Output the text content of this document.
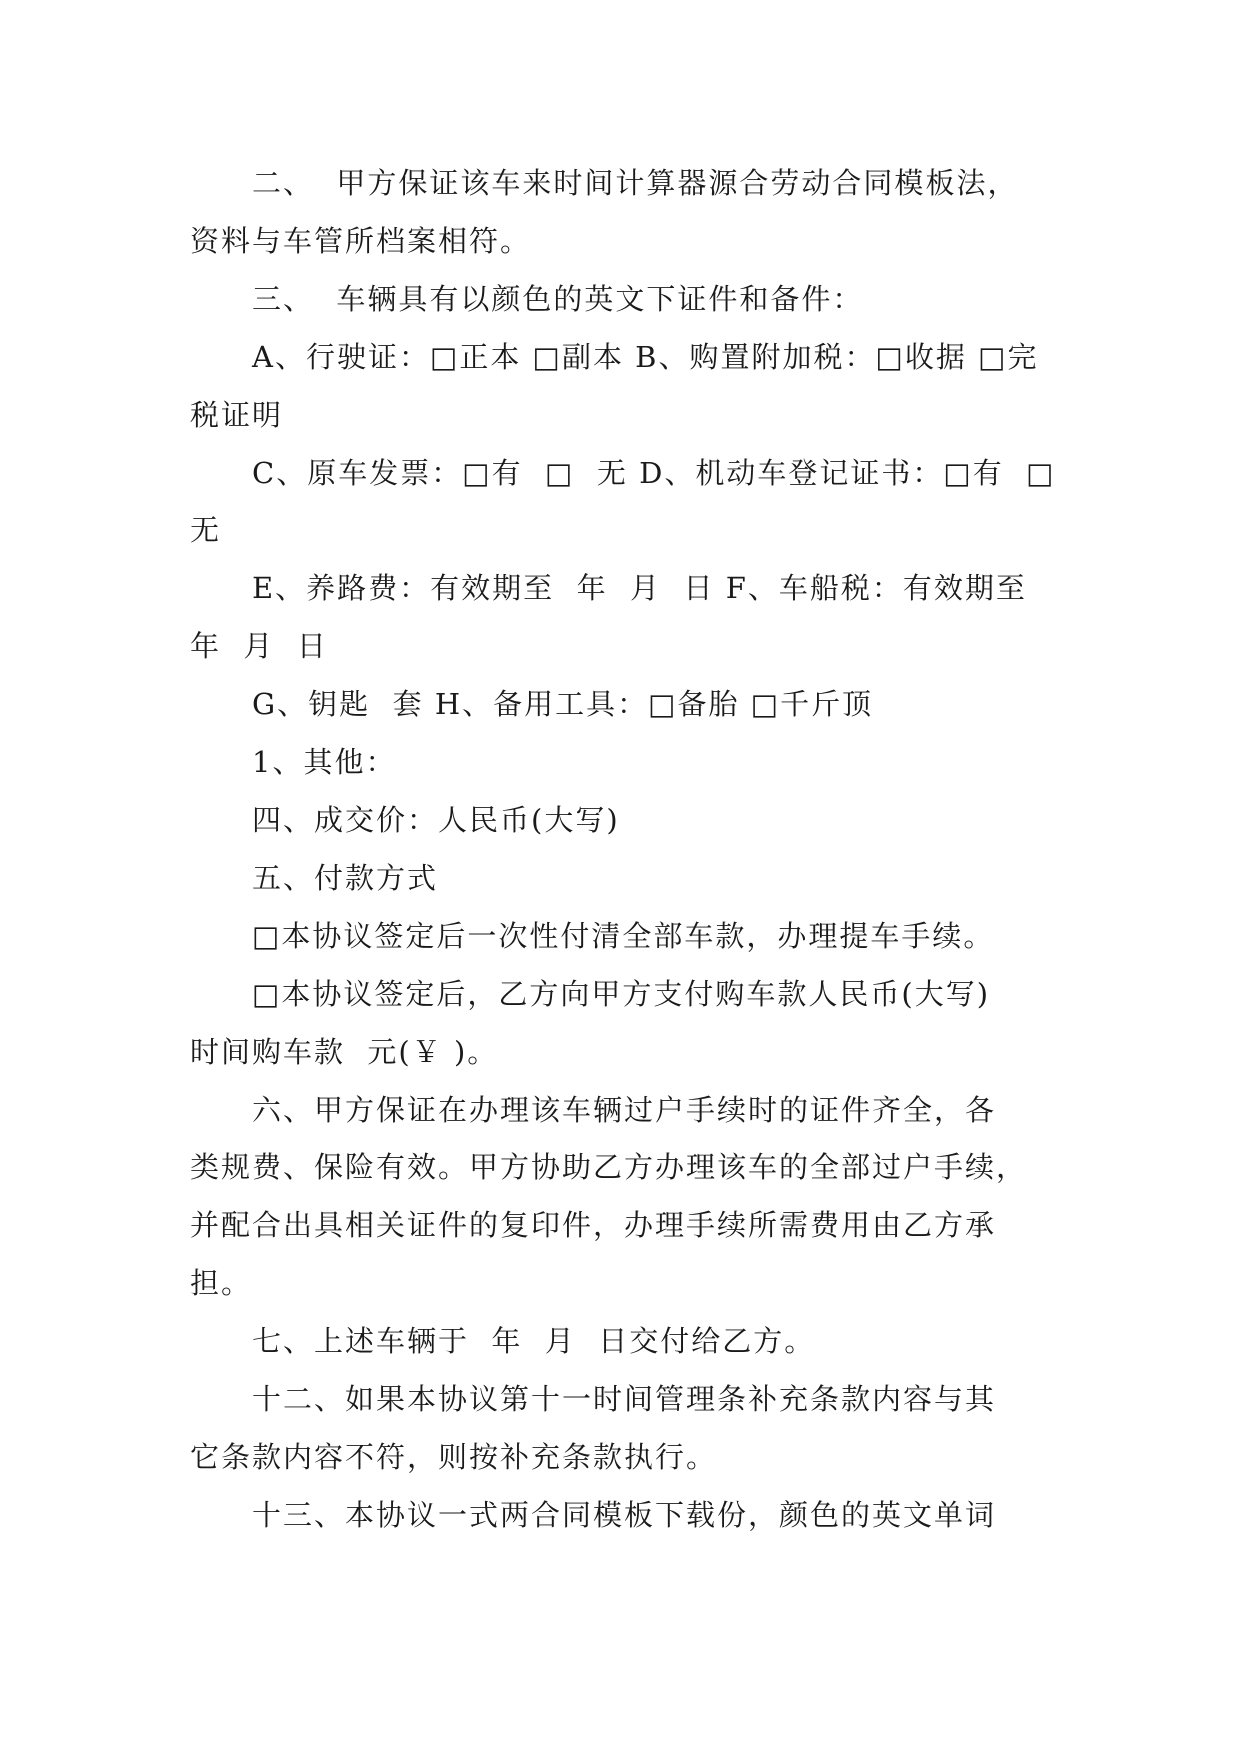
二、  甲方保证该车来时间计算器源合劳动合同模板法，
资料与车管所档案相符。
三、  车辆具有以颜色的英文下证件和备件：
A、行驶证：□正本 □副本 B、购置附加税：□收据 □完
税证明
C、原车发票：□有  □  无 D、机动车登记证书：□有  □
无
E、养路费：有效期至  年  月  日 F、车船税：有效期至
年  月  日
G、钥匙  套 H、备用工具：□备胎 □千斤顶
1、其他：
四、成交价：人民币(大写)
五、付款方式
□本协议签定后一次性付清全部车款，办理提车手续。
□本协议签定后，乙方向甲方支付购车款人民币(大写)
时间购车款  元(￥ )。
六、甲方保证在办理该车辆过户手续时的证件齐全，各
类规费、保险有效。甲方协助乙方办理该车的全部过户手续，
并配合出具相关证件的复印件，办理手续所需费用由乙方承
担。
七、上述车辆于  年  月  日交付给乙方。
十二、如果本协议第十一时间管理条补充条款内容与其
它条款内容不符，则按补充条款执行。
十三、本协议一式两合同模板下载份，颜色的英文单词
